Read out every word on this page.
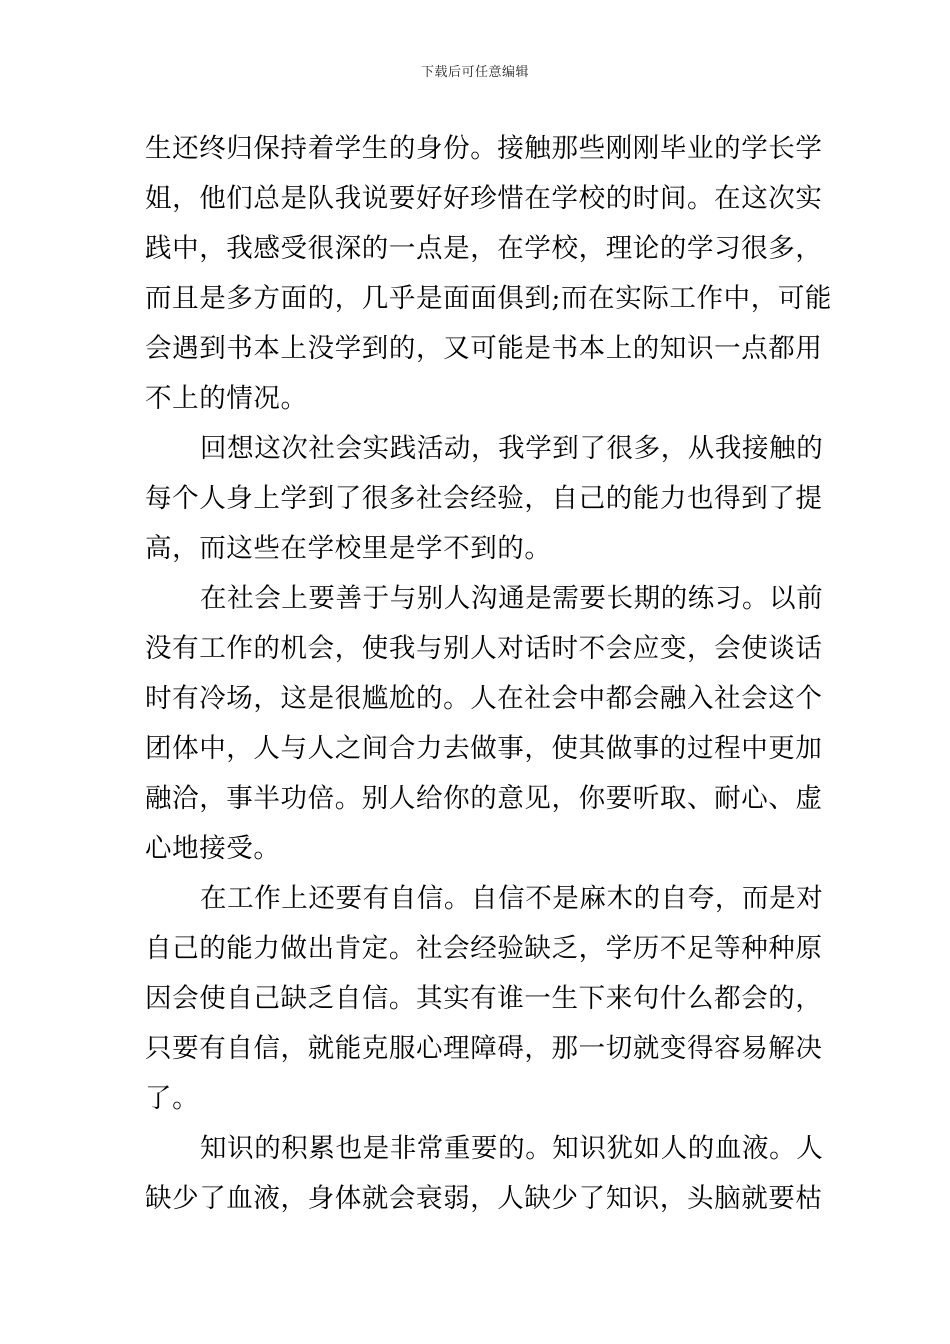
下载后可任意编辑
生还终归保持着学生的身份。接触那些刚刚毕业的学长学
姐，他们总是队我说要好好珍惜在学校的时间。在这次实
践中，我感受很深的一点是，在学校，理论的学习很多，
而且是多方面的，几乎是面面俱到;而在实际工作中，可能
会遇到书本上没学到的，又可能是书本上的知识一点都用
不上的情况。
回想这次社会实践活动，我学到了很多，从我接触的
每个人身上学到了很多社会经验，自己的能力也得到了提
高，而这些在学校里是学不到的。
在社会上要善于与别人沟通是需要长期的练习。以前
没有工作的机会，使我与别人对话时不会应变，会使谈话
时有冷场，这是很尴尬的。人在社会中都会融入社会这个
团体中，人与人之间合力去做事，使其做事的过程中更加
融洽，事半功倍。别人给你的意见，你要听取、耐心、虚
心地接受。
在工作上还要有自信。自信不是麻木的自夸，而是对
自己的能力做出肯定。社会经验缺乏，学历不足等种种原
因会使自己缺乏自信。其实有谁一生下来句什么都会的，
只要有自信，就能克服心理障碍，那一切就变得容易解决
了。
知识的积累也是非常重要的。知识犹如人的血液。人
缺少了血液，身体就会衰弱，人缺少了知识，头脑就要枯
